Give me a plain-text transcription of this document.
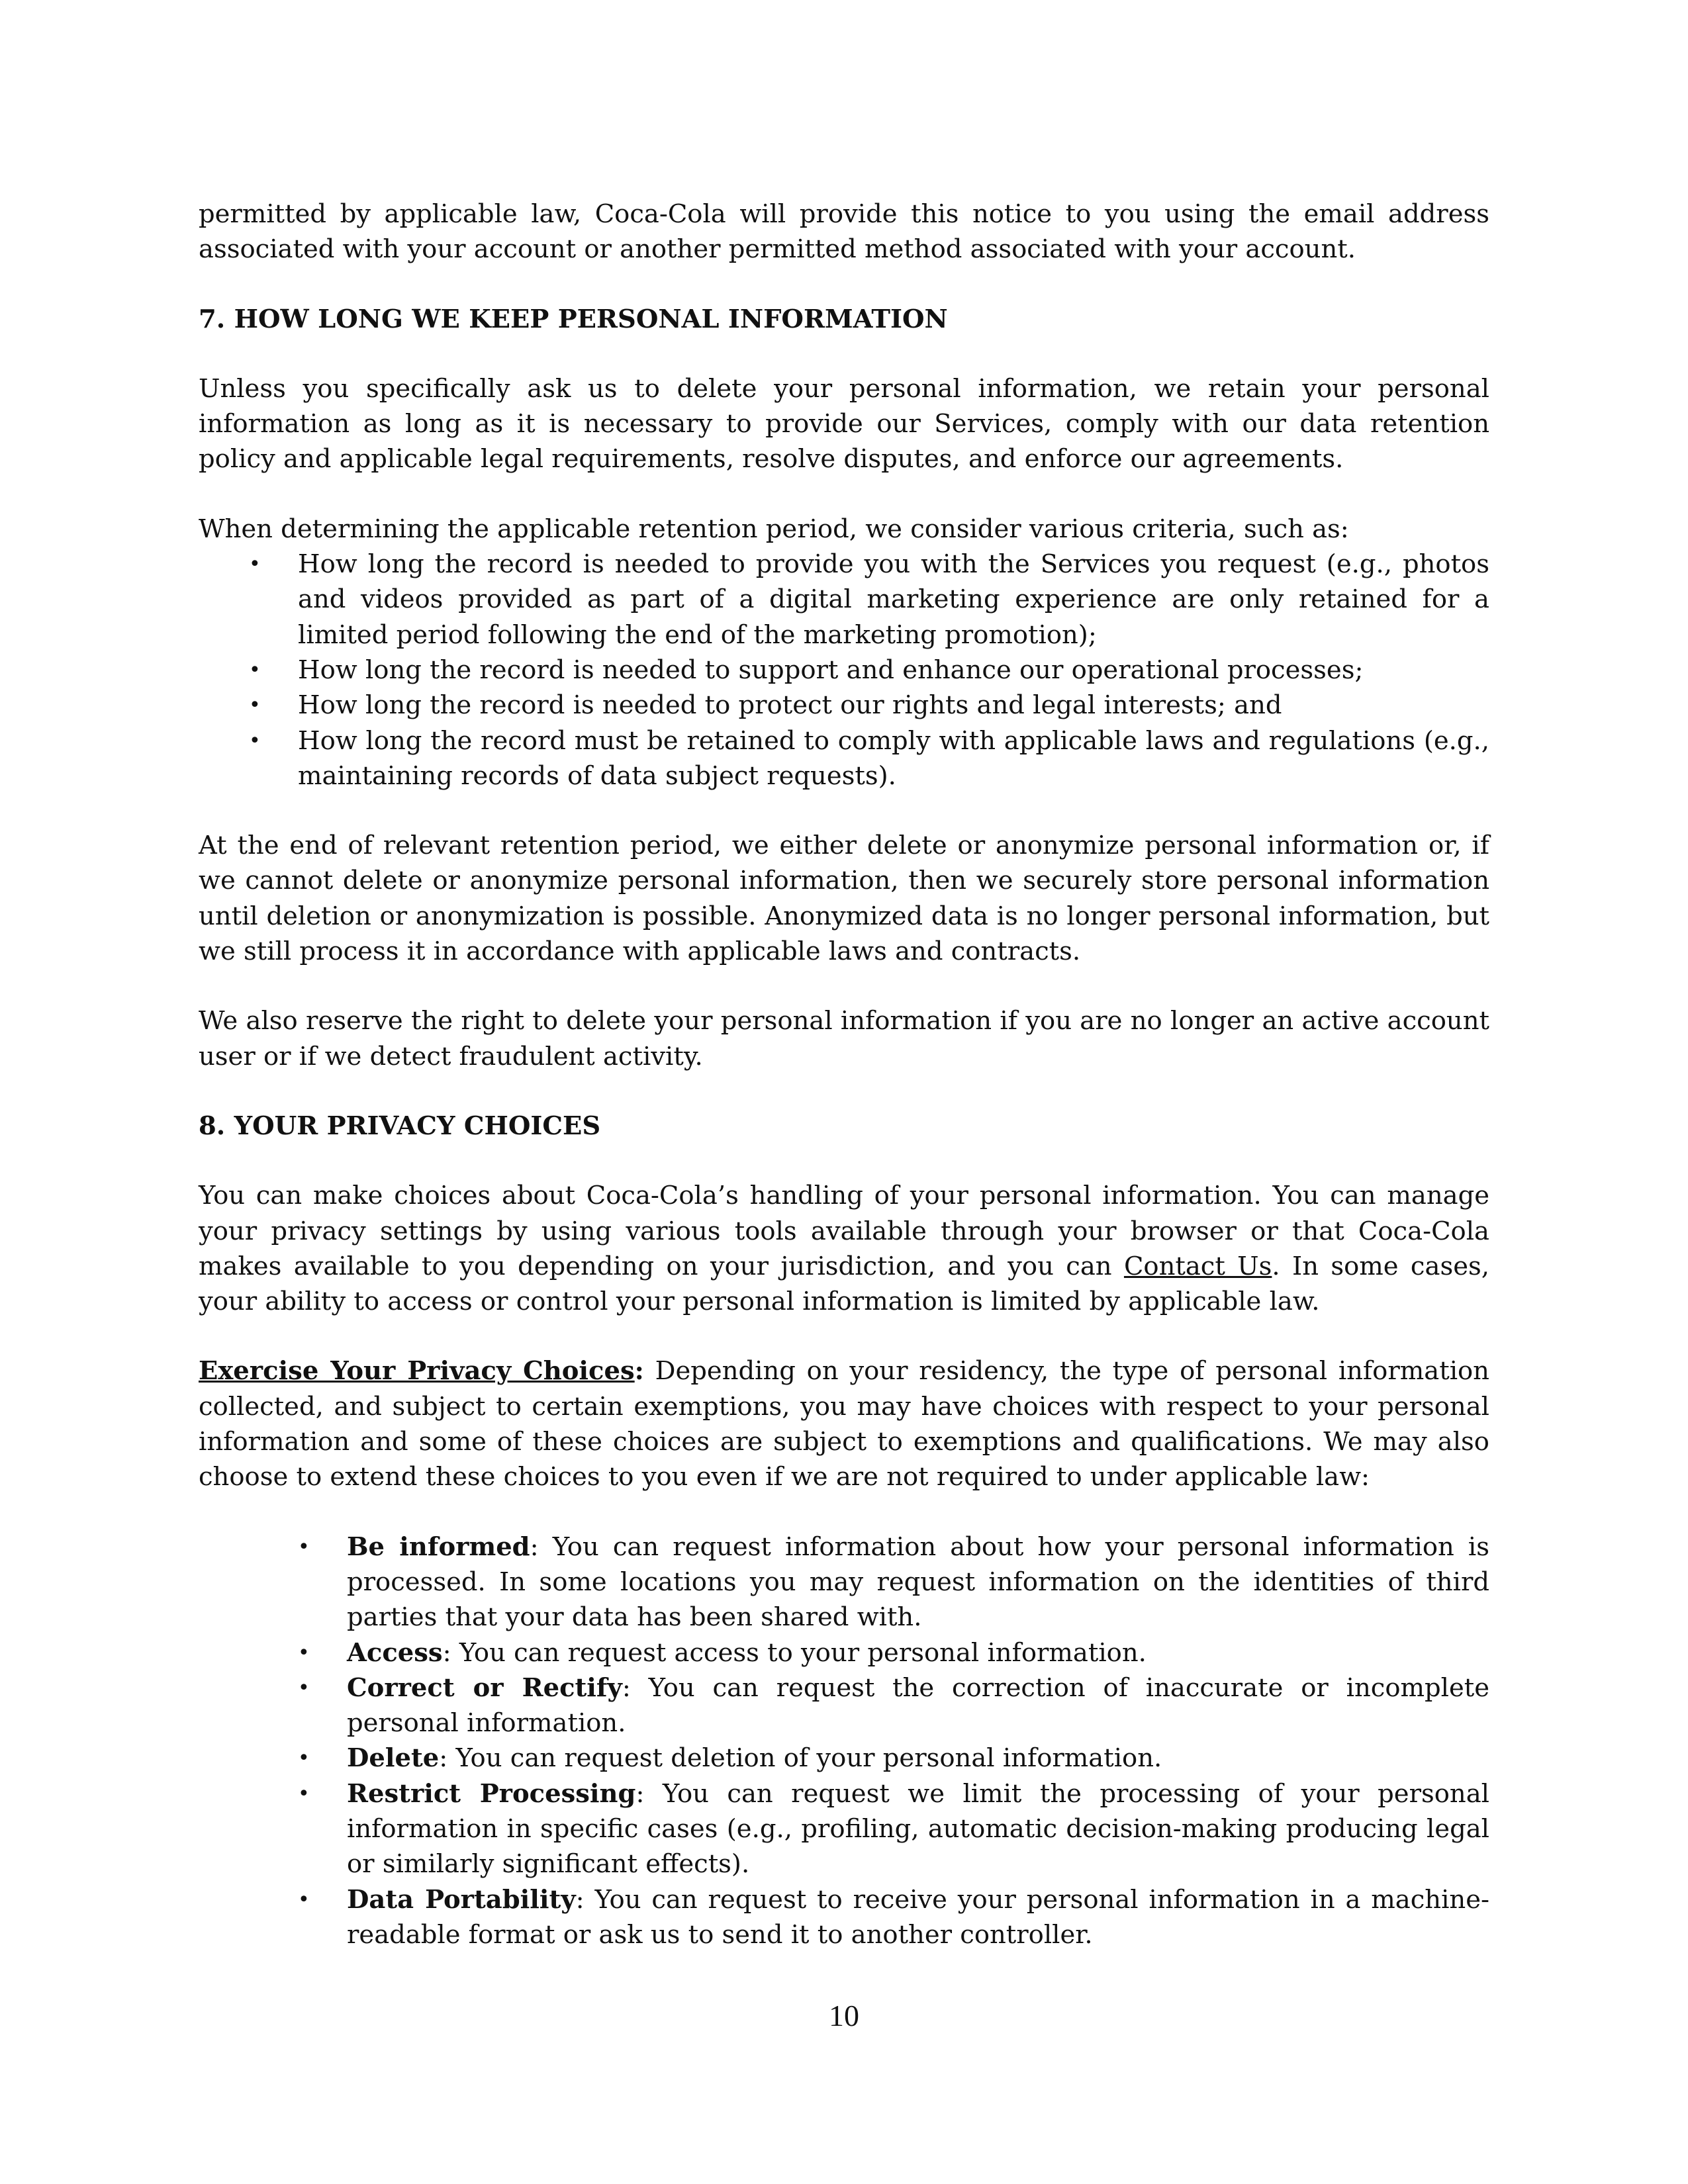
permitted by applicable law, Coca-Cola will provide this notice to you using the email address associated with your account or another permitted method associated with your account.

7. HOW LONG WE KEEP PERSONAL INFORMATION

Unless you specifically ask us to delete your personal information, we retain your personal information as long as it is necessary to provide our Services, comply with our data retention policy and applicable legal requirements, resolve disputes, and enforce our agreements.

When determining the applicable retention period, we consider various criteria, such as:

• How long the record is needed to provide you with the Services you request (e.g., photos and videos provided as part of a digital marketing experience are only retained for a limited period following the end of the marketing promotion);
• How long the record is needed to support and enhance our operational processes;
• How long the record is needed to protect our rights and legal interests; and
• How long the record must be retained to comply with applicable laws and regulations (e.g., maintaining records of data subject requests).

At the end of relevant retention period, we either delete or anonymize personal information or, if we cannot delete or anonymize personal information, then we securely store personal information until deletion or anonymization is possible. Anonymized data is no longer personal information, but we still process it in accordance with applicable laws and contracts.

We also reserve the right to delete your personal information if you are no longer an active account user or if we detect fraudulent activity.

8. YOUR PRIVACY CHOICES

You can make choices about Coca-Cola’s handling of your personal information. You can manage your privacy settings by using various tools available through your browser or that Coca-Cola makes available to you depending on your jurisdiction, and you can Contact Us. In some cases, your ability to access or control your personal information is limited by applicable law.

Exercise Your Privacy Choices: Depending on your residency, the type of personal information collected, and subject to certain exemptions, you may have choices with respect to your personal information and some of these choices are subject to exemptions and qualifications. We may also choose to extend these choices to you even if we are not required to under applicable law:

• Be informed: You can request information about how your personal information is processed. In some locations you may request information on the identities of third parties that your data has been shared with.
• Access: You can request access to your personal information.
• Correct or Rectify: You can request the correction of inaccurate or incomplete personal information.
• Delete: You can request deletion of your personal information.
• Restrict Processing: You can request we limit the processing of your personal information in specific cases (e.g., profiling, automatic decision-making producing legal or similarly significant effects).
• Data Portability: You can request to receive your personal information in a machine-readable format or ask us to send it to another controller.
10
